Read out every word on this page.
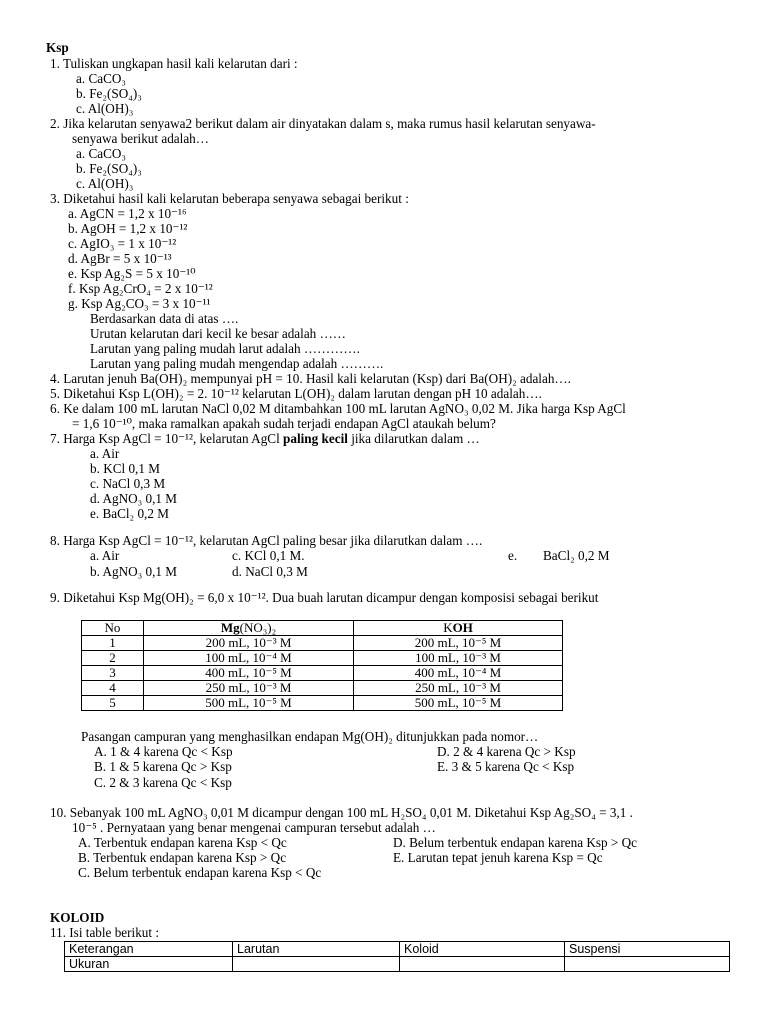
Ksp
1. Tuliskan ungkapan hasil kali kelarutan dari :
a. CaCO₃
b. Fe₂(SO₄)₃
c. Al(OH)₃
2. Jika kelarutan senyawa2 berikut dalam air dinyatakan dalam s, maka rumus hasil kelarutan senyawa-
senyawa berikut adalah…
a. CaCO₃
b. Fe₂(SO₄)₃
c. Al(OH)₃
3. Diketahui hasil kali kelarutan beberapa senyawa sebagai berikut :
a. AgCN = 1,2 x 10⁻¹⁶
b. AgOH = 1,2 x 10⁻¹²
c. AgIO₃ = 1 x 10⁻¹²
d. AgBr = 5 x 10⁻¹³
e. Ksp Ag₂S = 5 x 10⁻¹⁰
f. Ksp Ag₂CrO₄ = 2 x 10⁻¹²
g. Ksp Ag₂CO₃ = 3 x 10⁻¹¹
Berdasarkan data di atas ….
Urutan kelarutan dari kecil ke besar adalah ……
Larutan yang paling mudah larut adalah ………….
Larutan yang paling mudah mengendap adalah ……….
4. Larutan jenuh Ba(OH)₂ mempunyai pH = 10. Hasil kali kelarutan (Ksp) dari Ba(OH)₂ adalah….
5. Diketahui Ksp L(OH)₂ = 2. 10⁻¹² kelarutan L(OH)₂ dalam larutan dengan pH 10 adalah….
6. Ke dalam 100 mL larutan NaCl 0,02 M ditambahkan 100 mL larutan AgNO₃ 0,02 M. Jika harga Ksp AgCl
= 1,6 10⁻¹⁰, maka ramalkan apakah sudah terjadi endapan AgCl ataukah belum?
7. Harga Ksp AgCl = 10⁻¹², kelarutan AgCl paling kecil jika dilarutkan dalam …
a. Air
b. KCl 0,1 M
c. NaCl 0,3 M
d. AgNO₃ 0,1 M
e. BaCl₂ 0,2 M
8. Harga Ksp AgCl = 10⁻¹², kelarutan AgCl paling besar jika dilarutkan dalam ….
a. Air	c. KCl 0,1 M.	e. BaCl₂ 0,2 M
b. AgNO₃ 0,1 M	d. NaCl 0,3 M
9. Diketahui Ksp Mg(OH)₂ = 6,0 x 10⁻¹². Dua buah larutan dicampur dengan komposisi sebagai berikut
No	Mg(NO₃)₂	KOH
1	200 mL, 10⁻³ M	200 mL, 10⁻⁵ M
2	100 mL, 10⁻⁴ M	100 mL, 10⁻³ M
3	400 mL, 10⁻⁵ M	400 mL, 10⁻⁴ M
4	250 mL, 10⁻³ M	250 mL, 10⁻³ M
5	500 mL, 10⁻⁵ M	500 mL, 10⁻⁵ M
Pasangan campuran yang menghasilkan endapan Mg(OH)₂ ditunjukkan pada nomor…
A. 1 & 4 karena Qc < Ksp	D. 2 & 4 karena Qc > Ksp
B. 1 & 5 karena Qc > Ksp	E. 3 & 5 karena Qc < Ksp
C. 2 & 3 karena Qc < Ksp
10. Sebanyak 100 mL AgNO₃ 0,01 M dicampur dengan 100 mL H₂SO₄ 0,01 M. Diketahui Ksp Ag₂SO₄ = 3,1 .
10⁻⁵ . Pernyataan yang benar mengenai campuran tersebut adalah …
A. Terbentuk endapan karena Ksp < Qc	D. Belum terbentuk endapan karena Ksp > Qc
B. Terbentuk endapan karena Ksp > Qc	E. Larutan tepat jenuh karena Ksp = Qc
C. Belum terbentuk endapan karena Ksp < Qc
KOLOID
11. Isi table berikut :
Keterangan	Larutan	Koloid	Suspensi
Ukuran			
